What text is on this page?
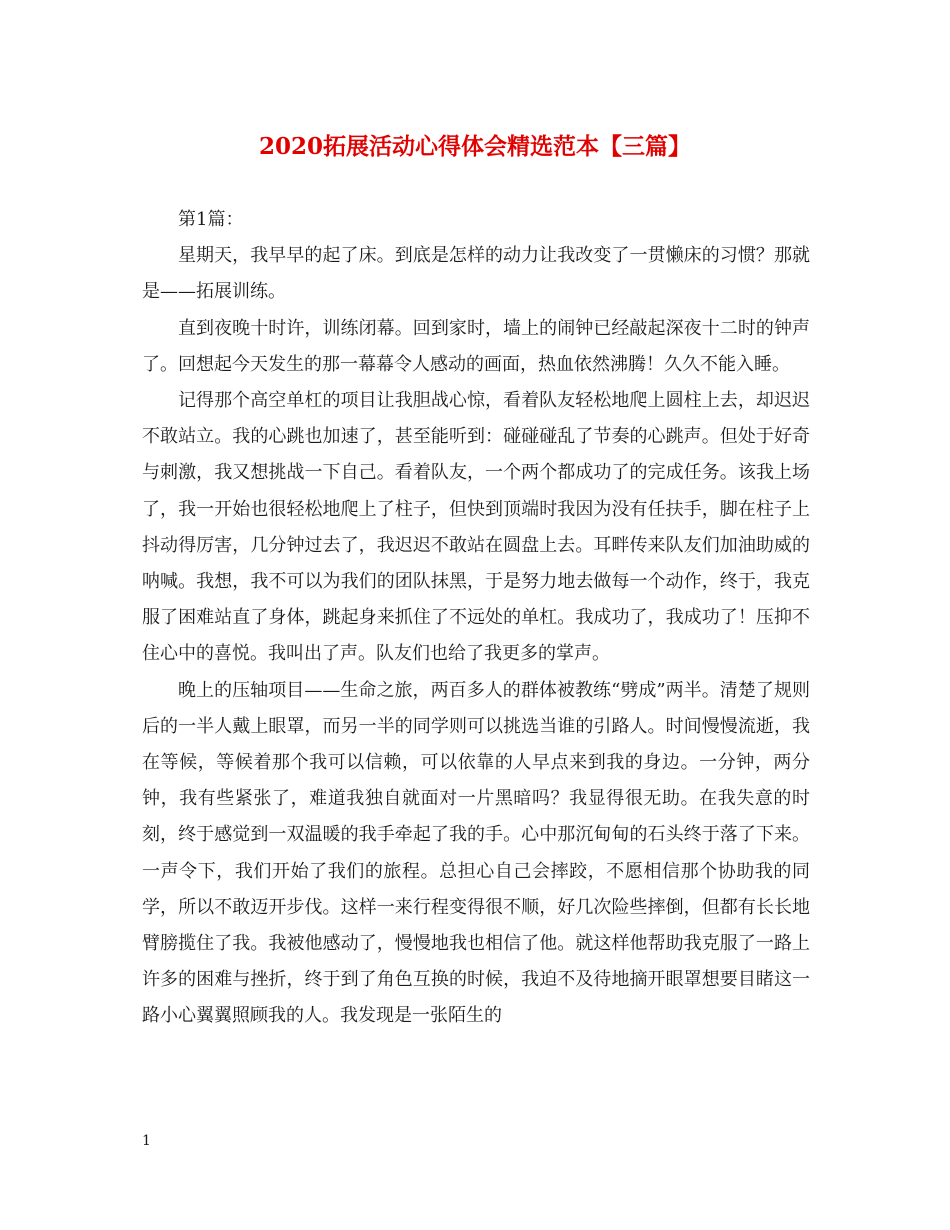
2020拓展活动心得体会精选范本【三篇】

第1篇：

星期天，我早早的起了床。到底是怎样的动力让我改变了一贯懒床的习惯？那就是——拓展训练。

直到夜晚十时许，训练闭幕。回到家时，墙上的闹钟已经敲起深夜十二时的钟声了。回想起今天发生的那一幕幕令人感动的画面，热血依然沸腾！久久不能入睡。

记得那个高空单杠的项目让我胆战心惊，看着队友轻松地爬上圆柱上去，却迟迟不敢站立。我的心跳也加速了，甚至能听到：碰碰碰乱了节奏的心跳声。但处于好奇与刺激，我又想挑战一下自己。看着队友，一个两个都成功了的完成任务。该我上场了，我一开始也很轻松地爬上了柱子，但快到顶端时我因为没有任扶手，脚在柱子上抖动得厉害，几分钟过去了，我迟迟不敢站在圆盘上去。耳畔传来队友们加油助威的呐喊。我想，我不可以为我们的团队抹黑，于是努力地去做每一个动作，终于，我克服了困难站直了身体，跳起身来抓住了不远处的单杠。我成功了，我成功了！压抑不住心中的喜悦。我叫出了声。队友们也给了我更多的掌声。

晚上的压轴项目——生命之旅，两百多人的群体被教练“劈成”两半。清楚了规则后的一半人戴上眼罩，而另一半的同学则可以挑选当谁的引路人。时间慢慢流逝，我在等候，等候着那个我可以信赖，可以依靠的人早点来到我的身边。一分钟，两分钟，我有些紧张了，难道我独自就面对一片黑暗吗？我显得很无助。在我失意的时刻，终于感觉到一双温暖的我手牵起了我的手。心中那沉甸甸的石头终于落了下来。一声令下，我们开始了我们的旅程。总担心自己会摔跤，不愿相信那个协助我的同学，所以不敢迈开步伐。这样一来行程变得很不顺，好几次险些摔倒，但都有长长地臂膀揽住了我。我被他感动了，慢慢地我也相信了他。就这样他帮助我克服了一路上许多的困难与挫折，终于到了角色互换的时候，我迫不及待地摘开眼罩想要目睹这一路小心翼翼照顾我的人。我发现是一张陌生的

1
